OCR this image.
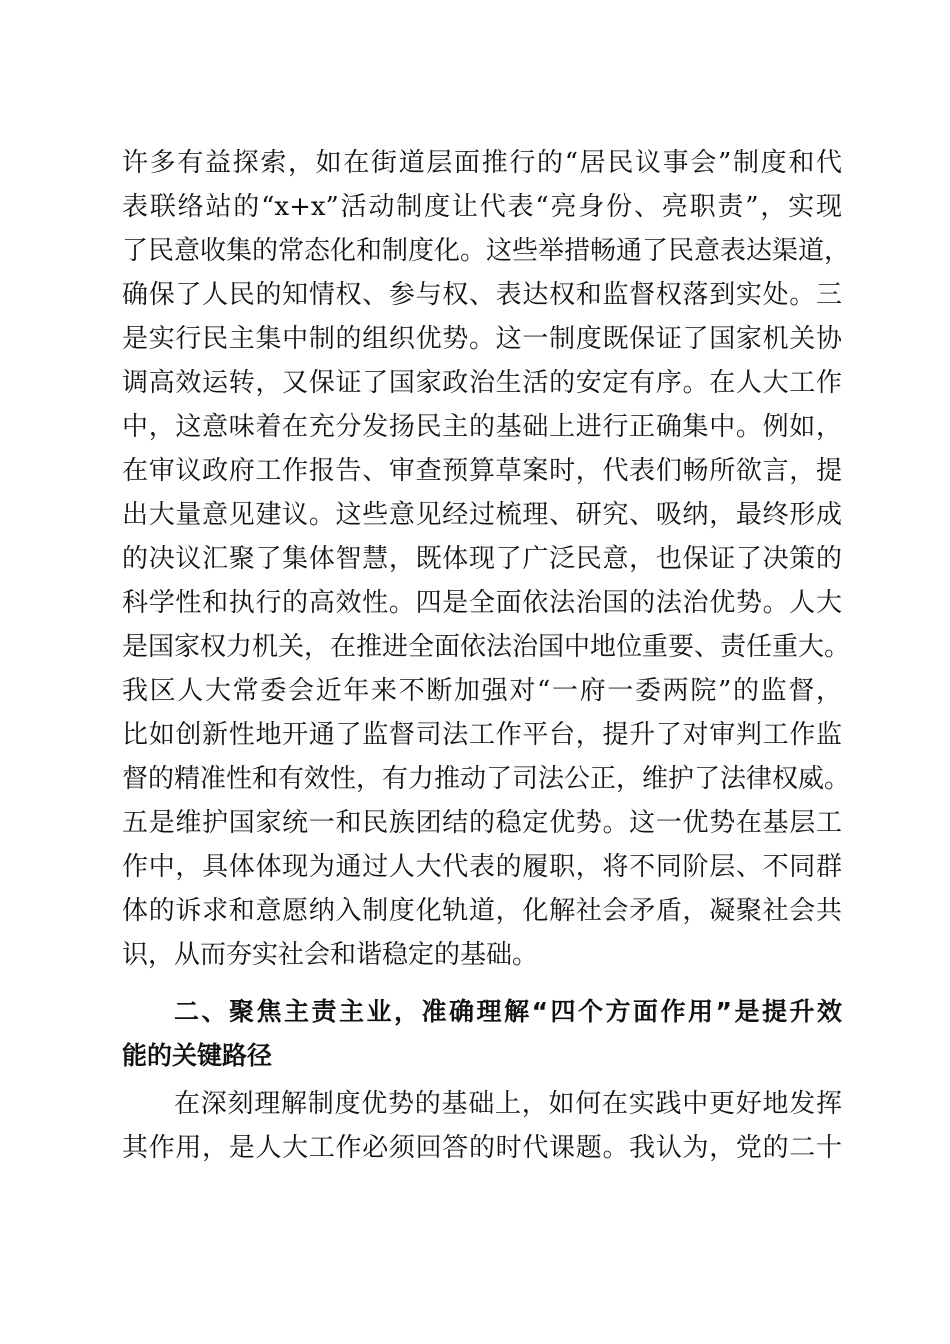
许多有益探索，如在街道层面推行的“居民议事会”制度和代
表联络站的“x+x”活动制度让代表“亮身份、亮职责”，实现
了民意收集的常态化和制度化。这些举措畅通了民意表达渠道，
确保了人民的知情权、参与权、表达权和监督权落到实处。三
是实行民主集中制的组织优势。这一制度既保证了国家机关协
调高效运转，又保证了国家政治生活的安定有序。在人大工作
中，这意味着在充分发扬民主的基础上进行正确集中。例如，
在审议政府工作报告、审查预算草案时，代表们畅所欲言，提
出大量意见建议。这些意见经过梳理、研究、吸纳，最终形成
的决议汇聚了集体智慧，既体现了广泛民意，也保证了决策的
科学性和执行的高效性。四是全面依法治国的法治优势。人大
是国家权力机关，在推进全面依法治国中地位重要、责任重大。
我区人大常委会近年来不断加强对“一府一委两院”的监督，
比如创新性地开通了监督司法工作平台，提升了对审判工作监
督的精准性和有效性，有力推动了司法公正，维护了法律权威。
五是维护国家统一和民族团结的稳定优势。这一优势在基层工
作中，具体体现为通过人大代表的履职，将不同阶层、不同群
体的诉求和意愿纳入制度化轨道，化解社会矛盾，凝聚社会共
识，从而夯实社会和谐稳定的基础。
二、聚焦主责主业，准确理解“四个方面作用”是提升效
能的关键路径
在深刻理解制度优势的基础上，如何在实践中更好地发挥
其作用，是人大工作必须回答的时代课题。我认为，党的二十
